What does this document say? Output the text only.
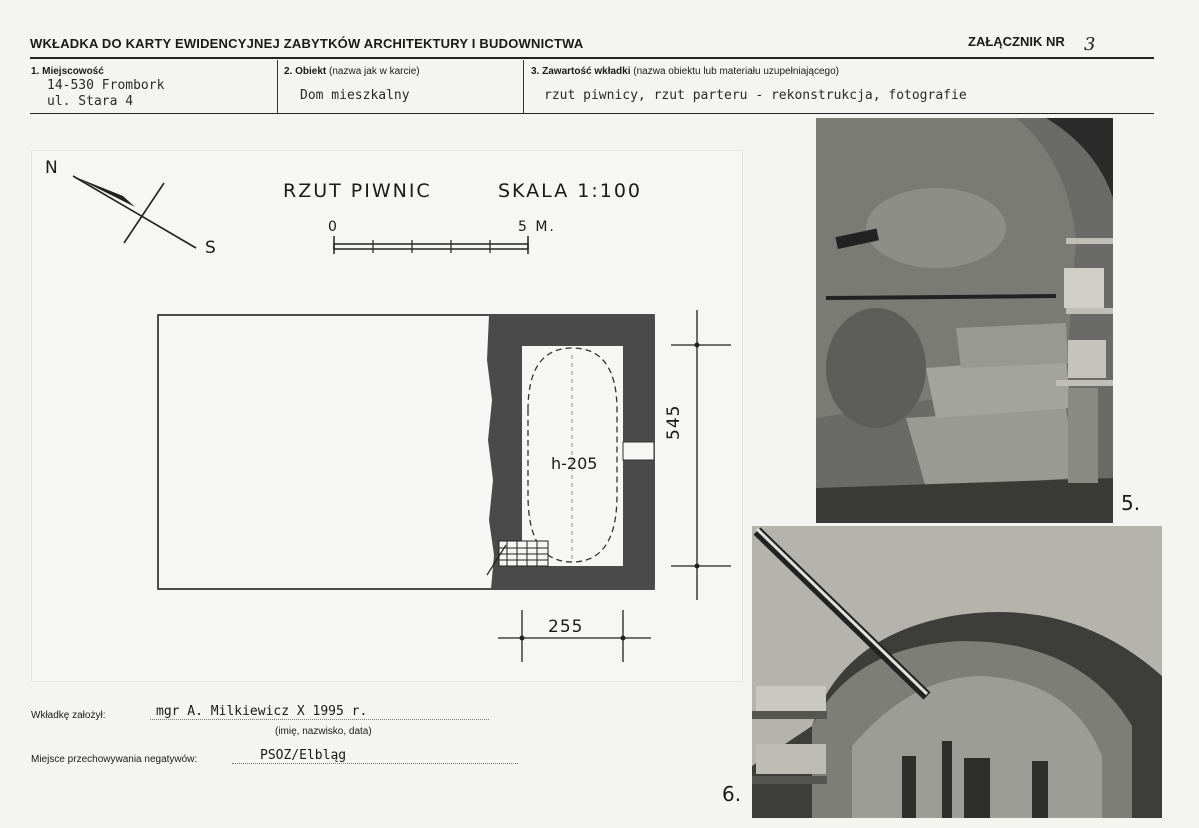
WKŁADKA DO KARTY EWIDENCYJNEJ ZABYTKÓW ARCHITEKTURY I BUDOWNICTWA	ZAŁĄCZNIK NR 3
1. Miejscowość
14-530 Frombork
ul. Stara 4
2. Obiekt (nazwa jak w karcie)
Dom mieszkalny
3. Zawartość wkładki (nazwa obiektu lub materiału uzupełniającego)
rzut piwnicy, rzut parteru - rekonstrukcja, fotografie
N
S
RZUT PIWNIC	SKALA 1:100
0	5 M.
h-205
545
255
5.
6.
Wkładkę założył:	mgr A. Milkiewicz X 1995 r.
(imię, nazwisko, data)
Miejsce przechowywania negatywów:	PSOZ/Elbląg
